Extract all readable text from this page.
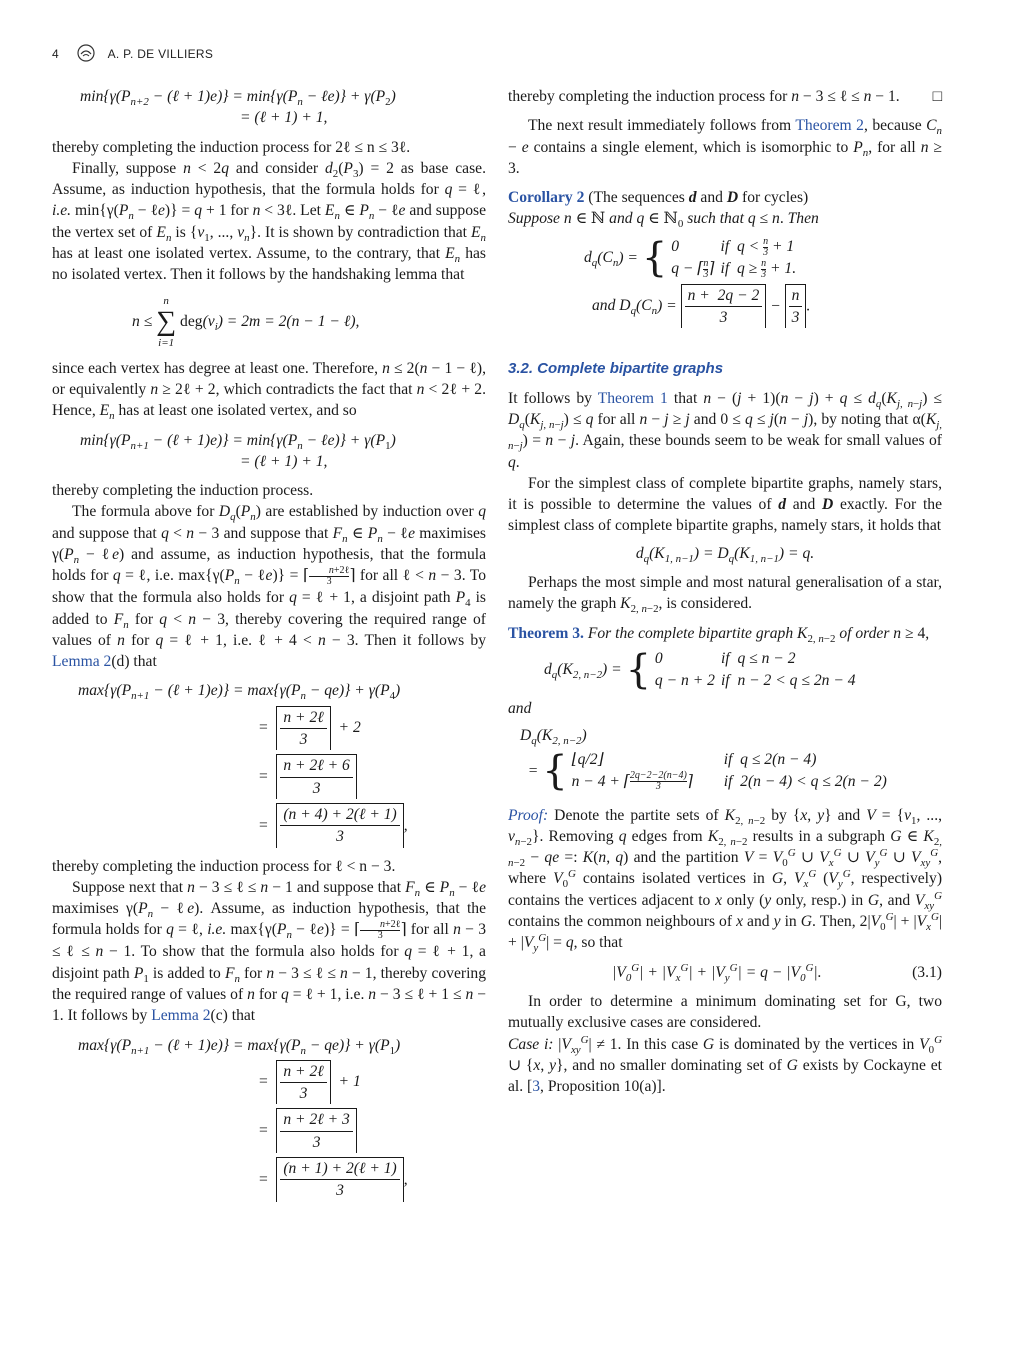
4	A. P. DE VILLIERS
$\min\{\gamma(P_{n+2}$ − (ℓ + $1)e)\} = \min\{\gamma(P_n$ − ℓe)} + $\gamma(P_2)$
= (ℓ + 1) + 1,

thereby completing the induction process for 2ℓ ≤ n ≤ 3ℓ.

Finally, suppose n < 2q and consider $d_2(P_3) = 2$ as base case. Assume, as induction hypothesis, that the formula holds for q = ℓ, i.e. $\min\{\gamma(P_n$ − ℓe)} = q + 1 for n < 3ℓ. Let $E_n$ ∈ $P_n$ − ℓe and suppose the vertex set of $E_n$ is {$v_1$, ..., $v_n$}. It is shown by contradiction that $E_n$ has at least one isolated vertex. Assume, to the contrary, that $E_n$ has no isolated vertex. Then it follows by the handshaking lemma that

n ≤
n
∑
i=1
$deg(v_i) = 2m = 2(n - 1$ − ℓ),

since each vertex has degree at least one. Therefore, n ≤ 2(n − 1 − ℓ), or equivalently n ≥ 2ℓ + 2, which contradicts the fact that n < 2ℓ + 2. Hence, $E_n$ has at least one isolated vertex, and so

$\min\{\gamma(P_{n+1}$ − (ℓ + $1)e)\} = \min\{\gamma(P_n$ − ℓe)} + $\gamma(P_1)$
= (ℓ + 1) + 1,

thereby completing the induction process.

The formula above for $D_q(P_n)$ are established by induction over q and suppose that q < n − 3 and suppose that $F_n$ ∈ $P_n$ − ℓe maximises $\gamma(P_n$ − ℓe) and assume, as induction hypothesis, that the formula holds for q = ℓ, i.e. $\max\{\gamma(P_n$ − ℓe)} = ⌈	n+2ℓ
3 ⌉ for all ℓ < n − 3. To show that the formula also holds for q = ℓ + 1, a disjoint path $P_4$ is added to $F_n$ for q < n − 3, thereby covering the required range of values of n for q = ℓ + 1, i.e. ℓ + 4 < n − 3. Then it follows by Lemma 2(d) that

$\max\{\gamma(P_{n+1}$ − (ℓ + $1)e)\} = \max\{\gamma(P_n - qe)\} + \gamma(P_4)$
= $\frac{\text{n + 2ℓ}}{3} + 2$
= $\frac{\text{n + 2ℓ + 6}}{3}$
= $\frac{\text{(n + 4) + 2(ℓ + 1)}}{3}$ ,

thereby completing the induction process for ℓ < n − 3.

Suppose next that n − 3 ≤ ℓ ≤ n − 1 and suppose that $F_n$ ∈ $P_n$ − ℓe maximises $\gamma(P_n$ − ℓe). Assume, as induction hypothesis, that the formula holds for q = ℓ, i.e. $\max\{\gamma(P_n$ − ℓe)} = ⌈	n+2ℓ
3 ⌉ for all n − 3 ≤ ℓ ≤ n − 1. To show that the formula also holds for q = ℓ + 1, a disjoint path $P_1$ is added to $F_n$ for n − 3 ≤ ℓ ≤ n − 1, thereby covering the required range of values of n for q = ℓ + 1, i.e. n − 3 ≤ ℓ + 1 ≤ n − 1. It follows by Lemma 2(c) that

$\max\{\gamma(P_{n+1}$ − (ℓ + $1)e)\} = \max\{\gamma(P_n - qe)\} + \gamma(P_1)$
= $\frac{\text{n + 2ℓ}}{3} + 1$
= $\frac{\text{n + 2ℓ + 3}}{3}$
= $\frac{\text{(n + 1) + 2(ℓ + 1)}}{3}$ ,

thereby completing the induction process for n − 3 ≤ ℓ ≤ n − 1. □

The next result immediately follows from Theorem 2, because $C_n - e$ contains a single element, which is isomorphic to $P_n$, for all n ≥ 3.

Corollary 2 (The sequences d and D for cycles)

Suppose n ∈ ℕ and q ∈ ℕ$_0$ such that q ≤ n. Then

$d_q(C_n)$ = { 0	if  $q < \frac{n}{3} + 1$
q − ⌈ $\frac{n}{3}⌉$	if  $q \ge \frac{n}{3} + 1$.
and $D_q(C_n) = \frac{n + 2q - 2}{3} - \frac{n}{3}$ .
3.2. Complete bipartite graphs

It follows by Theorem 1 that $n - (j + 1)(n - j) + q \le d_q(K_{j, n-j}) \le D_q(K_{j, n-j}) \le q$ for all n − j ≥ j and 0 ≤ q ≤ j(n − j), by noting that $\alpha(K_{j, n-j}) = n - j$. Again, these bounds seem to be weak for small values of q.

For the simplest class of complete bipartite graphs, namely stars, it is possible to determine the values of d and D exactly. For the simplest class of complete bipartite graphs, namely stars, it holds that

$d_q(K_{1, n-1}) = D_q(K_{1, n-1}) = q$.

Perhaps the most simple and most natural generalisation of a star, namely the graph $K_{2, n-2}$, is considered.

Theorem 3. For the complete bipartite graph $K_{2, n-2}$ of order n ≥ 4,

$d_q(K_{2, n-2})$ = { 0	if  q ≤ n − 2
q − n + 2	if  n − 2 < q ≤ 2n − 4

and

$D_q(K_{2, n-2})$
= { ⌊q/2⌋	if  q ≤ 2(n − 4)
n − 4 + ⌈ $\frac{2q-2-2(n-4)}{3}⌉$	if  2(n − 4) < q ≤ 2(n − 2)

Proof: Denote the partite sets of $K_{2, n-2}$ by {x, y} and $V = \{v_1$, ..., $v_{n-2}$}. Removing q edges from $K_{2, n-2}$ results in a subgraph G ∈ $K_{2, n-2}$ − qe =: K(n, q) and the partition $V = V_0^G$ ∪ $V_x^G$ ∪ $V_y^G$ ∪ $V_{xy}^G$, where $V_0^G$ contains isolated vertices in G, $V_x^G$ ($V_y^G$, respectively) contains the vertices adjacent to x only (y only, resp.) in G, and $V_{xy}^G$ contains the common neighbours of x and y in G. Then, $2|V_0^G| + |V_x^G| + |V_y^G| = q$, so that

$|V_0^G| + |V_x^G| + |V_y^G| = q - |V_0^G|$.	(3.1)

In order to determine a minimum dominating set for G, two mutually exclusive cases are considered.

Case i: $|V_{xy}^G| \ne 1$. In this case G is dominated by the vertices in $V_0^G$ ∪ {x, y}, and no smaller dominating set of G exists by Cockayne et al. [3, Proposition 10(a)].
